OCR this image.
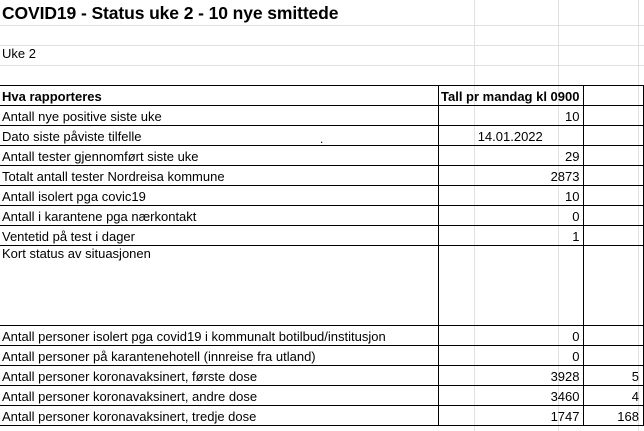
COVID19 - Status uke 2 - 10 nye smittede
Uke 2
.
Hva rapporteres	Tall pr mandag kl 0900	
Antall nye positive siste uke	10	
Dato siste påviste tilfelle	14.01.2022	
Antall tester gjennomført siste uke	29	
Totalt antall tester Nordreisa kommune	2873	
Antall isolert pga covic19	10	
Antall i karantene pga nærkontakt	0	
Ventetid på test i dager	1	
Kort status av situasjonen		
Antall personer isolert pga covid19 i kommunalt botilbud/institusjon	0	
Antall personer på karantenehotell (innreise fra utland)	0	
Antall personer koronavaksinert, første dose	3928	5
Antall personer koronavaksinert, andre dose	3460	4
Antall personer koronavaksinert, tredje dose	1747	168
